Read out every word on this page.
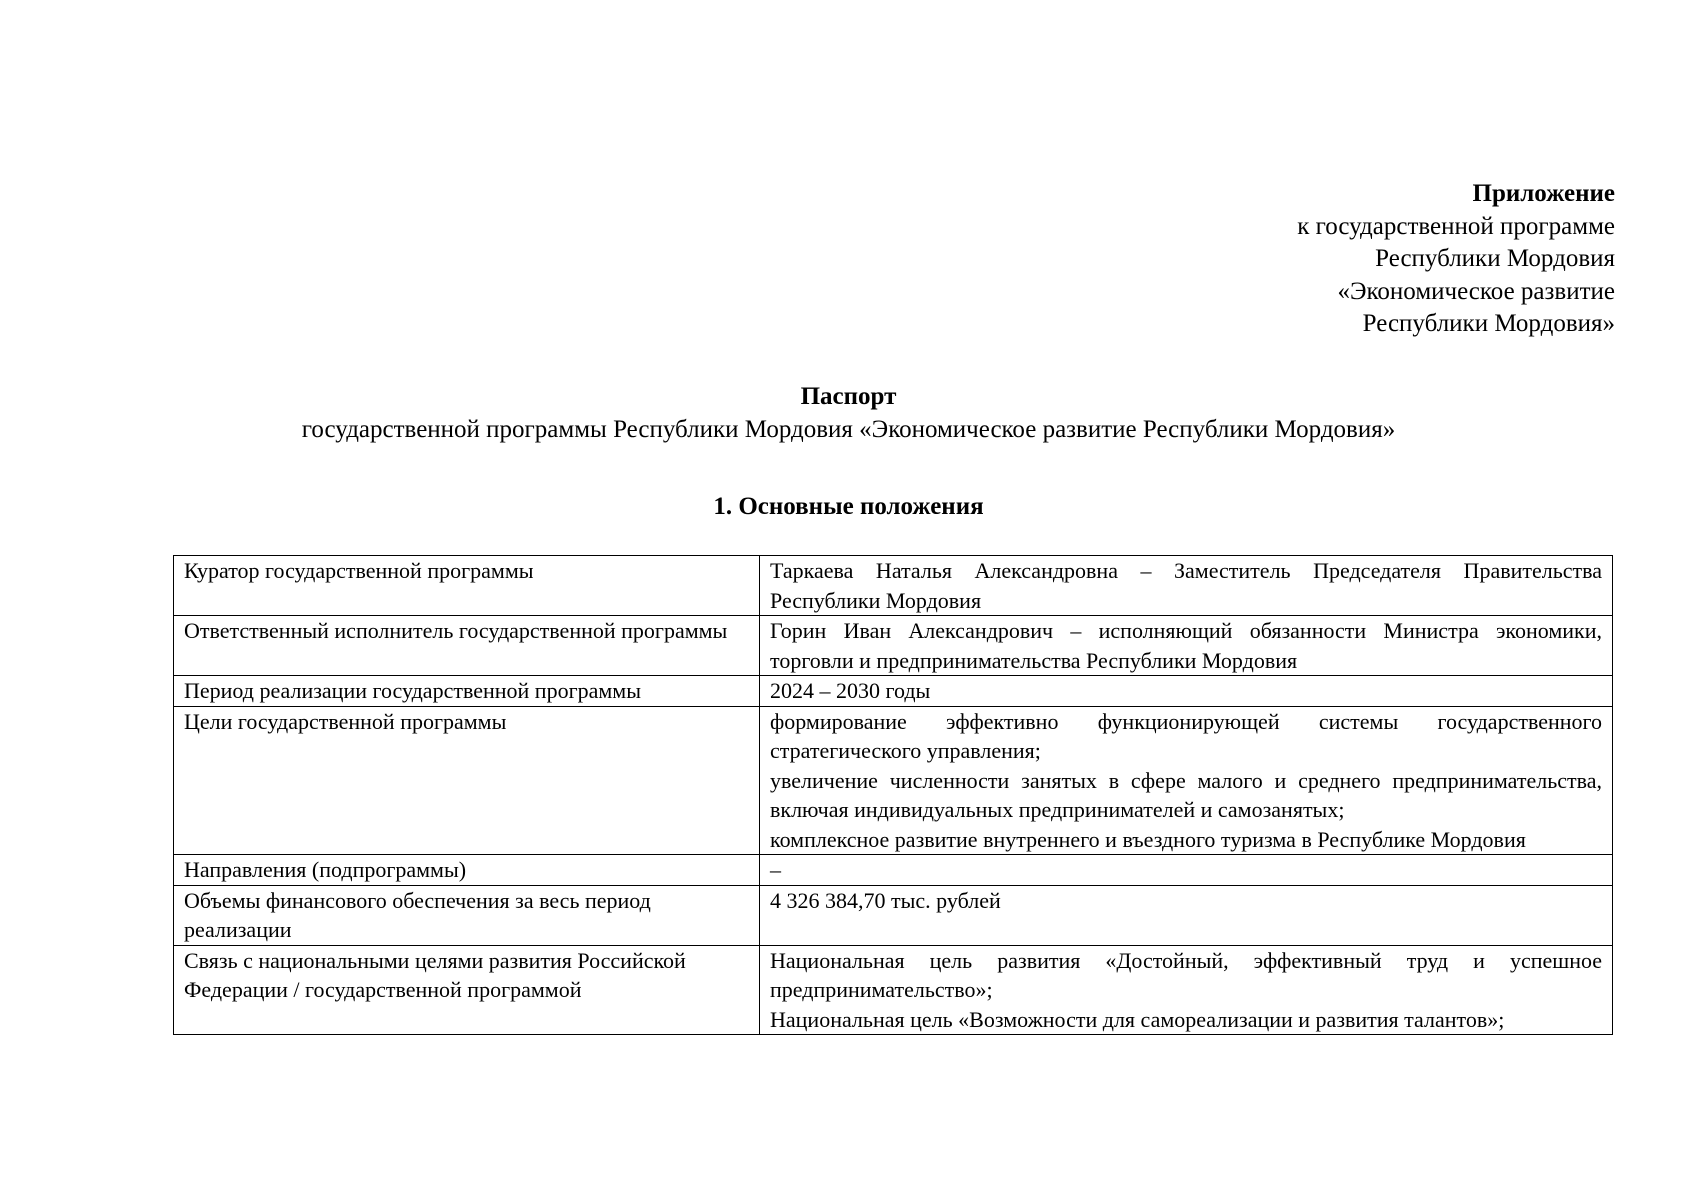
Приложение
к государственной программе
Республики Мордовия
«Экономическое развитие
Республики Мордовия»
Паспорт
государственной программы Республики Мордовия «Экономическое развитие Республики Мордовия»
1. Основные положения
Куратор государственной программы	Таркаева Наталья Александровна – Заместитель Председателя Правительства Республики Мордовия

Ответственный исполнитель государственной программы	Горин Иван Александрович – исполняющий обязанности Министра экономики, торговли и предпринимательства Республики Мордовия

Период реализации государственной программы	2024 – 2030 годы

Цели государственной программы	формирование эффективно функционирующей системы государственного стратегического управления;
увеличение численности занятых в сфере малого и среднего предпринимательства, включая индивидуальных предпринимателей и самозанятых;
комплексное развитие внутреннего и въездного туризма в Республике Мордовия

Направления (подпрограммы)	–

Объемы финансового обеспечения за весь период реализации	4 326 384,70 тыс. рублей

Связь с национальными целями развития Российской Федерации / государственной программой	Национальная цель развития «Достойный, эффективный труд и успешное предпринимательство»;
Национальная цель «Возможности для самореализации и развития талантов»;
